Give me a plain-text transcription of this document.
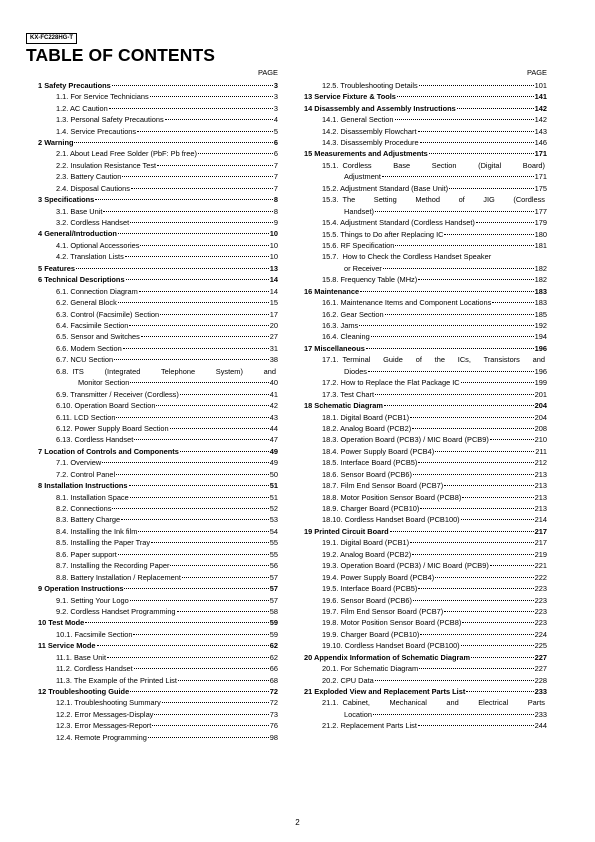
KX-FC228HG-T
TABLE OF CONTENTS
PAGE
1 Safety Precautions	3
1.1. For Service Technicians	3
1.2. AC Caution	3
1.3. Personal Safety Precautions	4
1.4. Service Precautions	5
2 Warning	6
2.1. About Lead Free Solder (PbF: Pb free)	6
2.2. Insulation Resistance Test	7
2.3. Battery Caution	7
2.4. Disposal Cautions	7
3 Specifications	8
3.1. Base Unit	8
3.2. Cordless Handset	9
4 General/Introduction	10
4.1. Optional Accessories	10
4.2. Translation Lists	10
5 Features	13
6 Technical Descriptions	14
6.1. Connection Diagram	14
6.2. General Block	15
6.3. Control (Facsimile) Section	17
6.4. Facsimile Section	20
6.5. Sensor and Switches	27
6.6. Modem Section	31
6.7. NCU Section	38
6.8. ITS (Integrated Telephone System) and
Monitor Section	40
6.9. Transmitter / Receiver (Cordless)	41
6.10. Operation Board Section	42
6.11. LCD Section	43
6.12. Power Supply Board Section	44
6.13. Cordless Handset	47
7 Location of Controls and Components	49
7.1. Overview	49
7.2. Control Panel	50
8 Installation Instructions	51
8.1. Installation Space	51
8.2. Connections	52
8.3. Battery Charge	53
8.4. Installing the Ink film	54
8.5. Installing the Paper Tray	55
8.6. Paper support	55
8.7. Installing the Recording Paper	56
8.8. Battery Installation / Replacement	57
9 Operation Instructions	57
9.1. Setting Your Logo	57
9.2. Cordless Handset Programming	58
10 Test Mode	59
10.1. Facsimile Section	59
11 Service Mode	62
11.1. Base Unit	62
11.2. Cordless Handset	66
11.3. The Example of the Printed List	68
12 Troubleshooting Guide	72
12.1. Troubleshooting Summary	72
12.2. Error Messages-Display	73
12.3. Error Messages-Report	76
12.4. Remote Programming	98
PAGE
12.5. Troubleshooting Details	101
13 Service Fixture & Tools	141
14 Disassembly and Assembly Instructions	142
14.1. General Section	142
14.2. Disassembly Flowchart	143
14.3. Disassembly Procedure	146
15 Measurements and Adjustments	171
15.1. Cordless Base Section (Digital Board)
Adjustment	171
15.2. Adjustment Standard (Base Unit)	175
15.3. The Setting Method of JIG (Cordless
Handset)	177
15.4. Adjustment Standard (Cordless Handset)	179
15.5. Things to Do after Replacing IC	180
15.6. RF Specification	181
15.7. How to Check the Cordless Handset Speaker
or Receiver	182
15.8. Frequency Table (MHz)	182
16 Maintenance	183
16.1. Maintenance Items and Component Locations	183
16.2. Gear Section	185
16.3. Jams	192
16.4. Cleaning	194
17 Miscellaneous	196
17.1. Terminal Guide of the ICs, Transistors and
Diodes	196
17.2. How to Replace the Flat Package IC	199
17.3. Test Chart	201
18 Schematic Diagram	204
18.1. Digital Board (PCB1)	204
18.2. Analog Board (PCB2)	208
18.3. Operation Board (PCB3) / MIC Board (PCB9)	210
18.4. Power Supply Board (PCB4)	211
18.5. Interface Board (PCB5)	212
18.6. Sensor Board (PCB6)	213
18.7. Film End Sensor Board (PCB7)	213
18.8. Motor Position Sensor Board (PCB8)	213
18.9. Charger Board (PCB10)	213
18.10. Cordless Handset Board (PCB100)	214
19 Printed Circuit Board	217
19.1. Digital Board (PCB1)	217
19.2. Analog Board (PCB2)	219
19.3. Operation Board (PCB3) / MIC Board (PCB9)	221
19.4. Power Supply Board (PCB4)	222
19.5. Interface Board (PCB5)	223
19.6. Sensor Board (PCB6)	223
19.7. Film End Sensor Board (PCB7)	223
19.8. Motor Position Sensor Board (PCB8)	223
19.9. Charger Board (PCB10)	224
19.10. Cordless Handset Board (PCB100)	225
20 Appendix Information of Schematic Diagram	227
20.1. For Schematic Diagram	227
20.2. CPU Data	228
21 Exploded View and Replacement Parts List	233
21.1. Cabinet, Mechanical and Electrical Parts
Location	233
21.2. Replacement Parts List	244
2
